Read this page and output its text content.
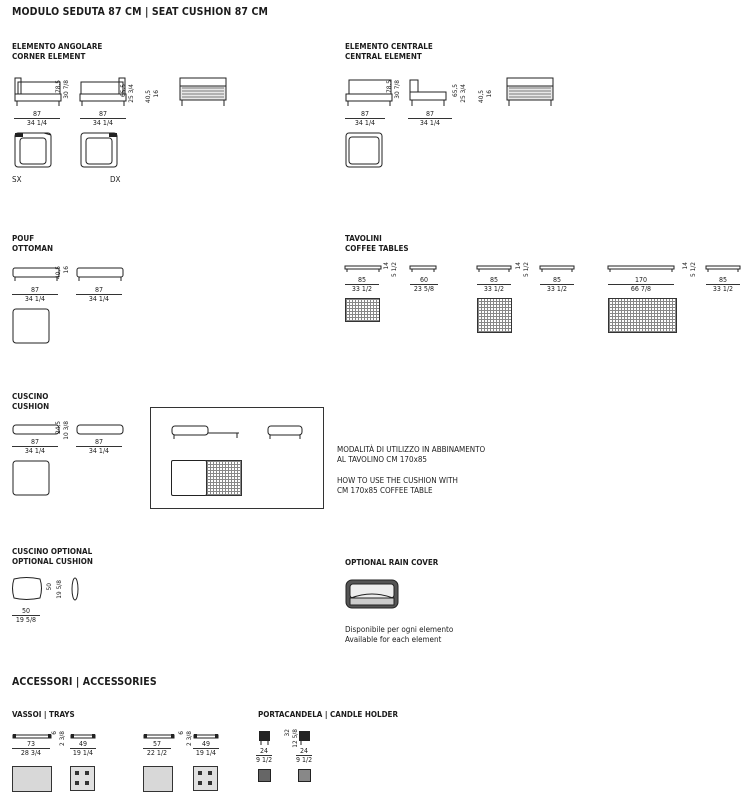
MODULO SEDUTA 87 CM | SEAT CUSHION 87 CM
ELEMENTO ANGOLARE
CORNER ELEMENT
78,5 30 7/8	65,5 25 3/4 40,5 16
87
34 1/4
87
34 1/4
SX	DX
ELEMENTO CENTRALE
CENTRAL ELEMENT
78,5 30 7/8	65,5 25 3/4 40,5 16
87
34 1/4
87
34 1/4
POUF
OTTOMAN
40,5 16
87
34 1/4
87
34 1/4
TAVOLINI
COFFEE TABLES
14 5 1/2
85
33 1/2
60
23 5/8
14 5 1/2
85
33 1/2
85
33 1/2
14 5 1/2
170
66 7/8
85
33 1/2
CUSCINO
CUSHION
24,5 10 3/8
87
34 1/4
87
34 1/4	MODALITÀ DI UTILIZZO IN ABBINAMENTO
AL TAVOLINO CM 170x85
HOW TO USE THE CUSHION WITH
CM 170x85 COFFEE TABLE
CUSCINO OPTIONAL
OPTIONAL CUSHION
50 19 5/8
50
19 5/8
OPTIONAL RAIN COVER
Disponibile per ogni elemento
Available for each element
ACCESSORI | ACCESSORIES
VASSOI | TRAYS
6 2 3/8
73
28 3/4
49
19 1/4
6 2 3/8
57
22 1/2
49
19 1/4
PORTACANDELA | CANDLE HOLDER
32 12 5/8
24
9 1/2
24
9 1/2
